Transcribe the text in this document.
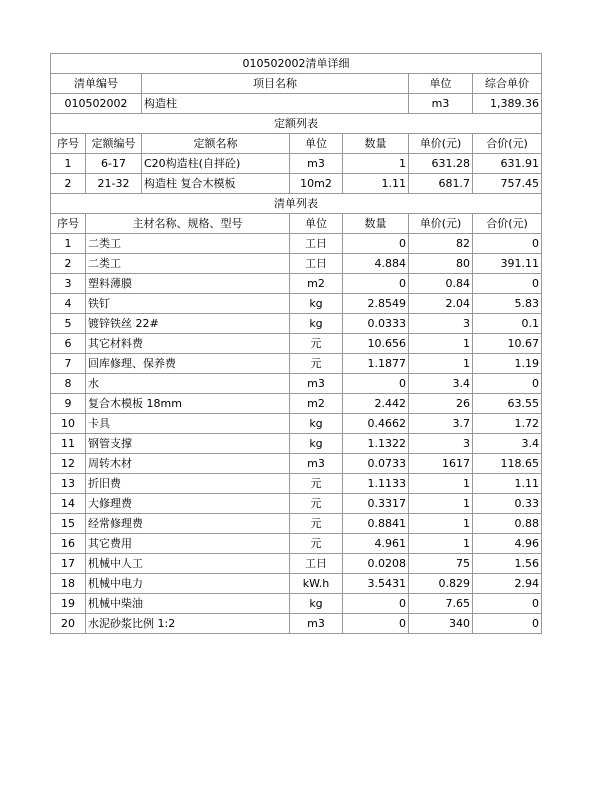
010502002清单详细						
清单编号		项目名称			单位	综合单价
010502002		构造柱			m3	1,389.36
定额列表						
序号	定额编号	定额名称	单位	数量	单价(元)	合价(元)
1	6-17	C20构造柱(自拌砼)	m3	1	631.28	631.91
2	21-32	构造柱 复合木模板	10m2	1.11	681.7	757.45
清单列表						
序号	主材名称、规格、型号		单位	数量	单价(元)	合价(元)
1	二类工		工日	0	82	0
2	二类工		工日	4.884	80	391.11
3	塑料薄膜		m2	0	0.84	0
4	铁钉		kg	2.8549	2.04	5.83
5	镀锌铁丝 22#		kg	0.0333	3	0.1
6	其它材料费		元	10.656	1	10.67
7	回库修理、保养费		元	1.1877	1	1.19
8	水		m3	0	3.4	0
9	复合木模板 18mm		m2	2.442	26	63.55
10	卡具		kg	0.4662	3.7	1.72
11	钢管支撑		kg	1.1322	3	3.4
12	周转木材		m3	0.0733	1617	118.65
13	折旧费		元	1.1133	1	1.11
14	大修理费		元	0.3317	1	0.33
15	经常修理费		元	0.8841	1	0.88
16	其它费用		元	4.961	1	4.96
17	机械中人工		工日	0.0208	75	1.56
18	机械中电力		kW.h	3.5431	0.829	2.94
19	机械中柴油		kg	0	7.65	0
20	水泥砂浆比例 1:2		m3	0	340	0
